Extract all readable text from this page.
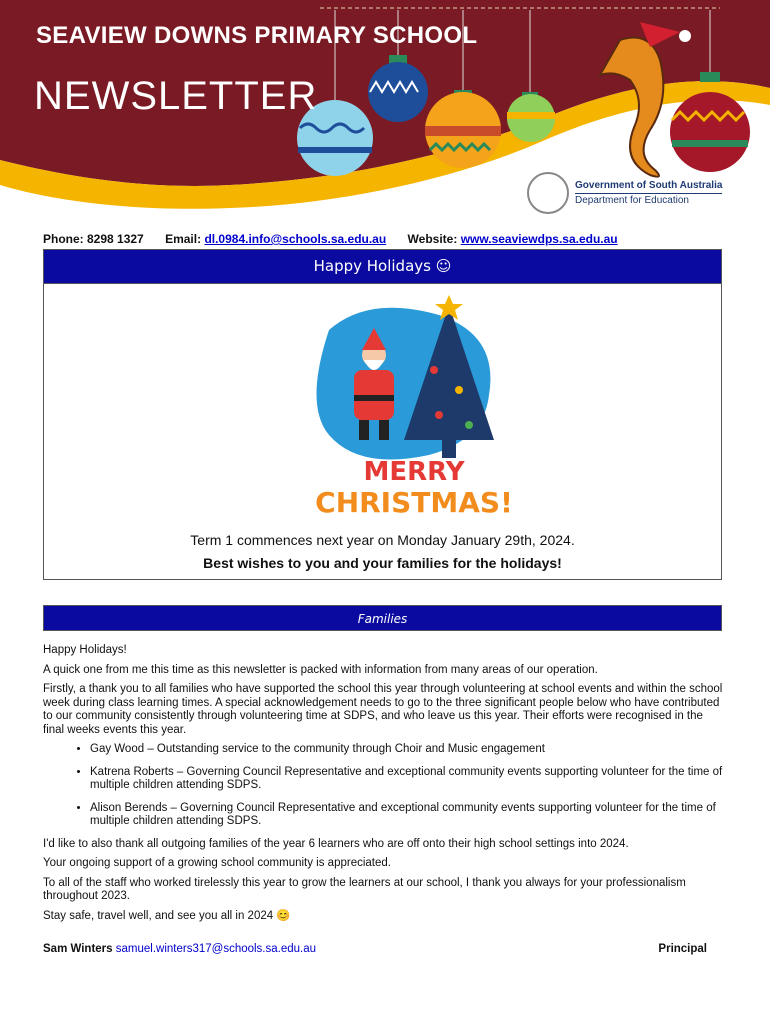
SEAVIEW DOWNS PRIMARY SCHOOL
NEWSLETTER
Government of South Australia
Department for Education
Phone: 8298 1327 Email: dl.0984.info@schools.sa.edu.au Website: www.seaviewdps.sa.edu.au
Happy Holidays ☺
MERRY
CHRISTMAS!
Term 1 commences next year on Monday January 29th, 2024.
Best wishes to you and your families for the holidays!
Families

Happy Holidays!

A quick one from me this time as this newsletter is packed with information from many areas of our operation.

Firstly, a thank you to all families who have supported the school this year through volunteering at school events and within the school week during class learning times. A special acknowledgement needs to go to the three significant people below who have contributed to our community consistently through volunteering time at SDPS, and who leave us this year. Their efforts were recognised in the final weeks events this year.

• Gay Wood – Outstanding service to the community through Choir and Music engagement
• Katrena Roberts – Governing Council Representative and exceptional community events supporting volunteer for the time of multiple children attending SDPS.
• Alison Berends – Governing Council Representative and exceptional community events supporting volunteer for the time of multiple children attending SDPS.

I'd like to also thank all outgoing families of the year 6 learners who are off onto their high school settings into 2024.

Your ongoing support of a growing school community is appreciated.

To all of the staff who worked tirelessly this year to grow the learners at our school, I thank you always for your professionalism throughout 2023.

Stay safe, travel well, and see you all in 2024 😊

Sam Winters samuel.winters317@schools.sa.edu.au	Principal
